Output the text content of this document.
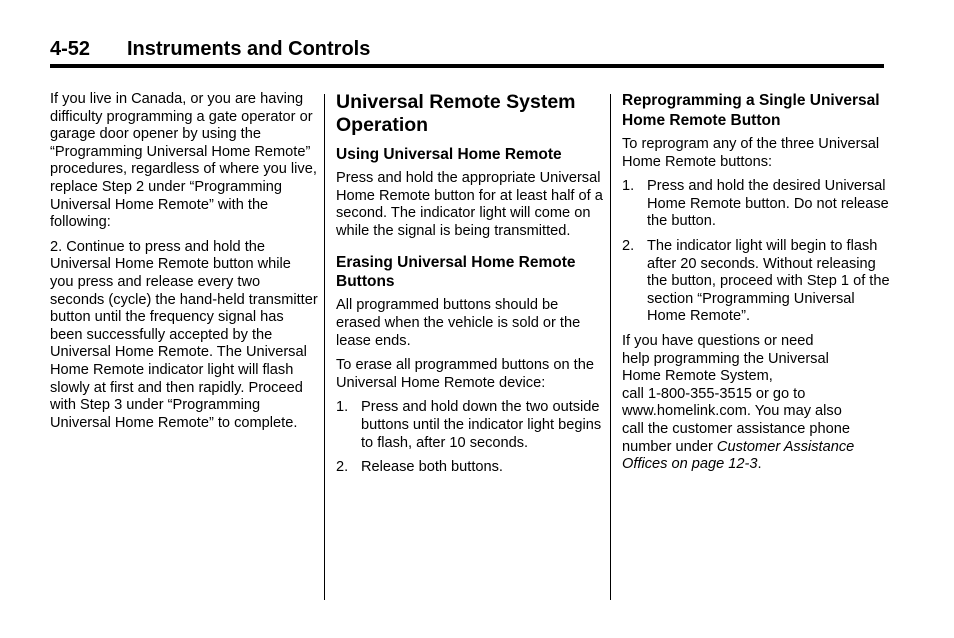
4-52 Instruments and Controls

If you live in Canada, or you are having difficulty programming a gate operator or garage door opener by using the “Programming Universal Home Remote” procedures, regardless of where you live, replace Step 2 under “Programming Universal Home Remote” with the following:

2. Continue to press and hold the Universal Home Remote button while you press and release every two seconds (cycle) the hand-held transmitter button until the frequency signal has been successfully accepted by the Universal Home Remote. The Universal Home Remote indicator light will flash slowly at first and then rapidly. Proceed with Step 3 under “Programming Universal Home Remote” to complete.

Universal Remote System Operation
Using Universal Home Remote

Press and hold the appropriate Universal Home Remote button for at least half of a second. The indicator light will come on while the signal is being transmitted.

Erasing Universal Home Remote Buttons

All programmed buttons should be erased when the vehicle is sold or the lease ends.

To erase all programmed buttons on the Universal Home Remote device:

1. Press and hold down the two outside buttons until the indicator light begins to flash, after 10 seconds.
2. Release both buttons.
Reprogramming a Single Universal Home Remote Button

To reprogram any of the three Universal Home Remote buttons:

1. Press and hold the desired Universal Home Remote button. Do not release the button.
2. The indicator light will begin to flash after 20 seconds. Without releasing the button, proceed with Step 1 of the section “Programming Universal Home Remote”.

If you have questions or need
help programming the Universal
Home Remote System,
call 1-800-355-3515 or go to
www.homelink.com. You may also
call the customer assistance phone
number under Customer Assistance Offices on page 12-3.
